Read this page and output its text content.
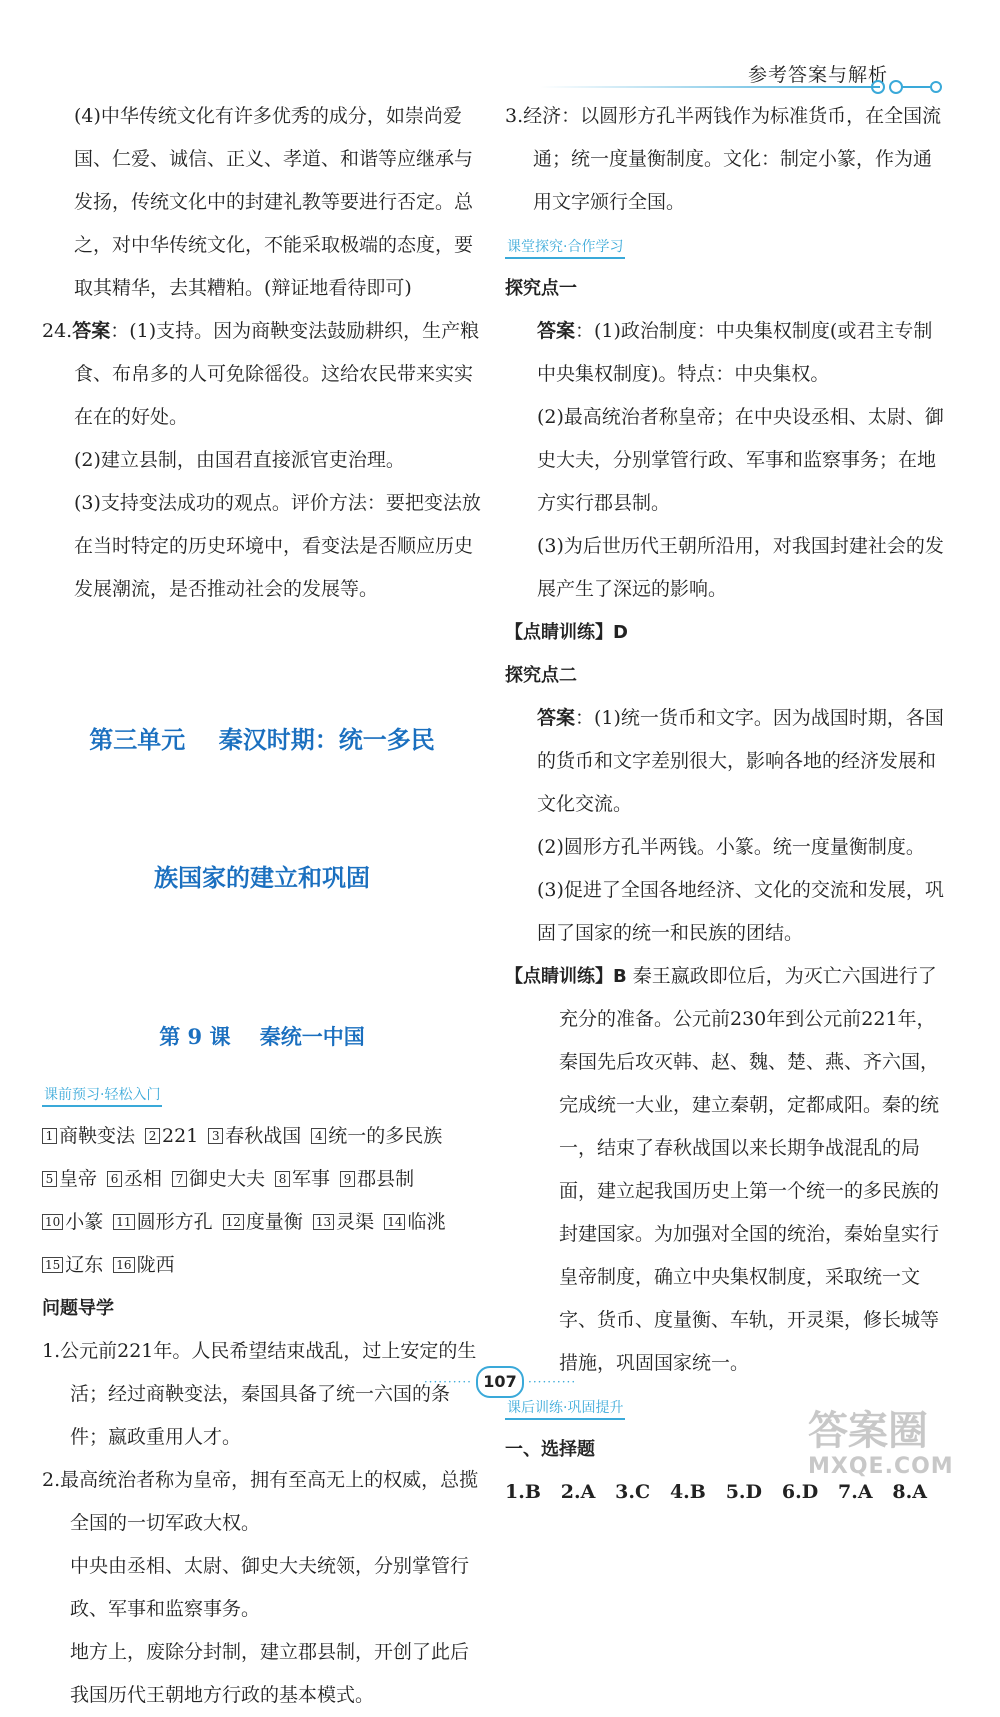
参考答案与解析

(4)中华传统文化有许多优秀的成分，如崇尚爱国、仁爱、诚信、正义、孝道、和谐等应继承与发扬，传统文化中的封建礼教等要进行否定。总之，对中华传统文化，不能采取极端的态度，要取其精华，去其糟粕。(辩证地看待即可)

24.答案：(1)支持。因为商鞅变法鼓励耕织，生产粮食、布帛多的人可免除徭役。这给农民带来实实在在的好处。

(2)建立县制，由国君直接派官吏治理。

(3)支持变法成功的观点。评价方法：要把变法放在当时特定的历史环境中，看变法是否顺应历史发展潮流，是否推动社会的发展等。

第三单元    秦汉时期：统一多民

族国家的建立和巩固

第 9 课    秦统一中国
课前预习·轻松入门
1 商鞅变法	2 221	3 春秋战国	4 统一的多民族
5 皇帝	6 丞相	7 御史大夫	8 军事	9 郡县制
10 小篆 11 圆形方孔 12 度量衡 13 灵渠 14 临洮
15 辽东 16 陇西
问题导学

1.公元前221年。人民希望结束战乱，过上安定的生活；经过商鞅变法，秦国具备了统一六国的条件；嬴政重用人才。

2.最高统治者称为皇帝，拥有至高无上的权威，总揽全国的一切军政大权。

中央由丞相、太尉、御史大夫统领，分别掌管行政、军事和监察事务。

地方上，废除分封制，建立郡县制，开创了此后我国历代王朝地方行政的基本模式。

3.经济：以圆形方孔半两钱作为标准货币，在全国流通；统一度量衡制度。文化：制定小篆，作为通用文字颁行全国。

课堂探究·合作学习
探究点一

答案：(1)政治制度：中央集权制度(或君主专制中央集权制度)。特点：中央集权。

(2)最高统治者称皇帝；在中央设丞相、太尉、御史大夫，分别掌管行政、军事和监察事务；在地方实行郡县制。

(3)为后世历代王朝所沿用，对我国封建社会的发展产生了深远的影响。

【点睛训练】D
探究点二

答案：(1)统一货币和文字。因为战国时期，各国的货币和文字差别很大，影响各地的经济发展和文化交流。

(2)圆形方孔半两钱。小篆。统一度量衡制度。

(3)促进了全国各地经济、文化的交流和发展，巩固了国家的统一和民族的团结。

【点睛训练】B 秦王嬴政即位后，为灭亡六国进行了充分的准备。公元前230年到公元前221年，秦国先后攻灭韩、赵、魏、楚、燕、齐六国，完成统一大业，建立秦朝，定都咸阳。秦的统一，结束了春秋战国以来长期争战混乱的局面，建立起我国历史上第一个统一的多民族的封建国家。为加强对全国的统治，秦始皇实行皇帝制度，确立中央集权制度，采取统一文字、货币、度量衡、车轨，开灵渠，修长城等措施，巩固国家统一。

课后训练·巩固提升
一、选择题
1.B   2.A   3.C   4.B   5.D   6.D   7.A   8.A
·········· 107 ··········
答案圈
MXQE.COM
